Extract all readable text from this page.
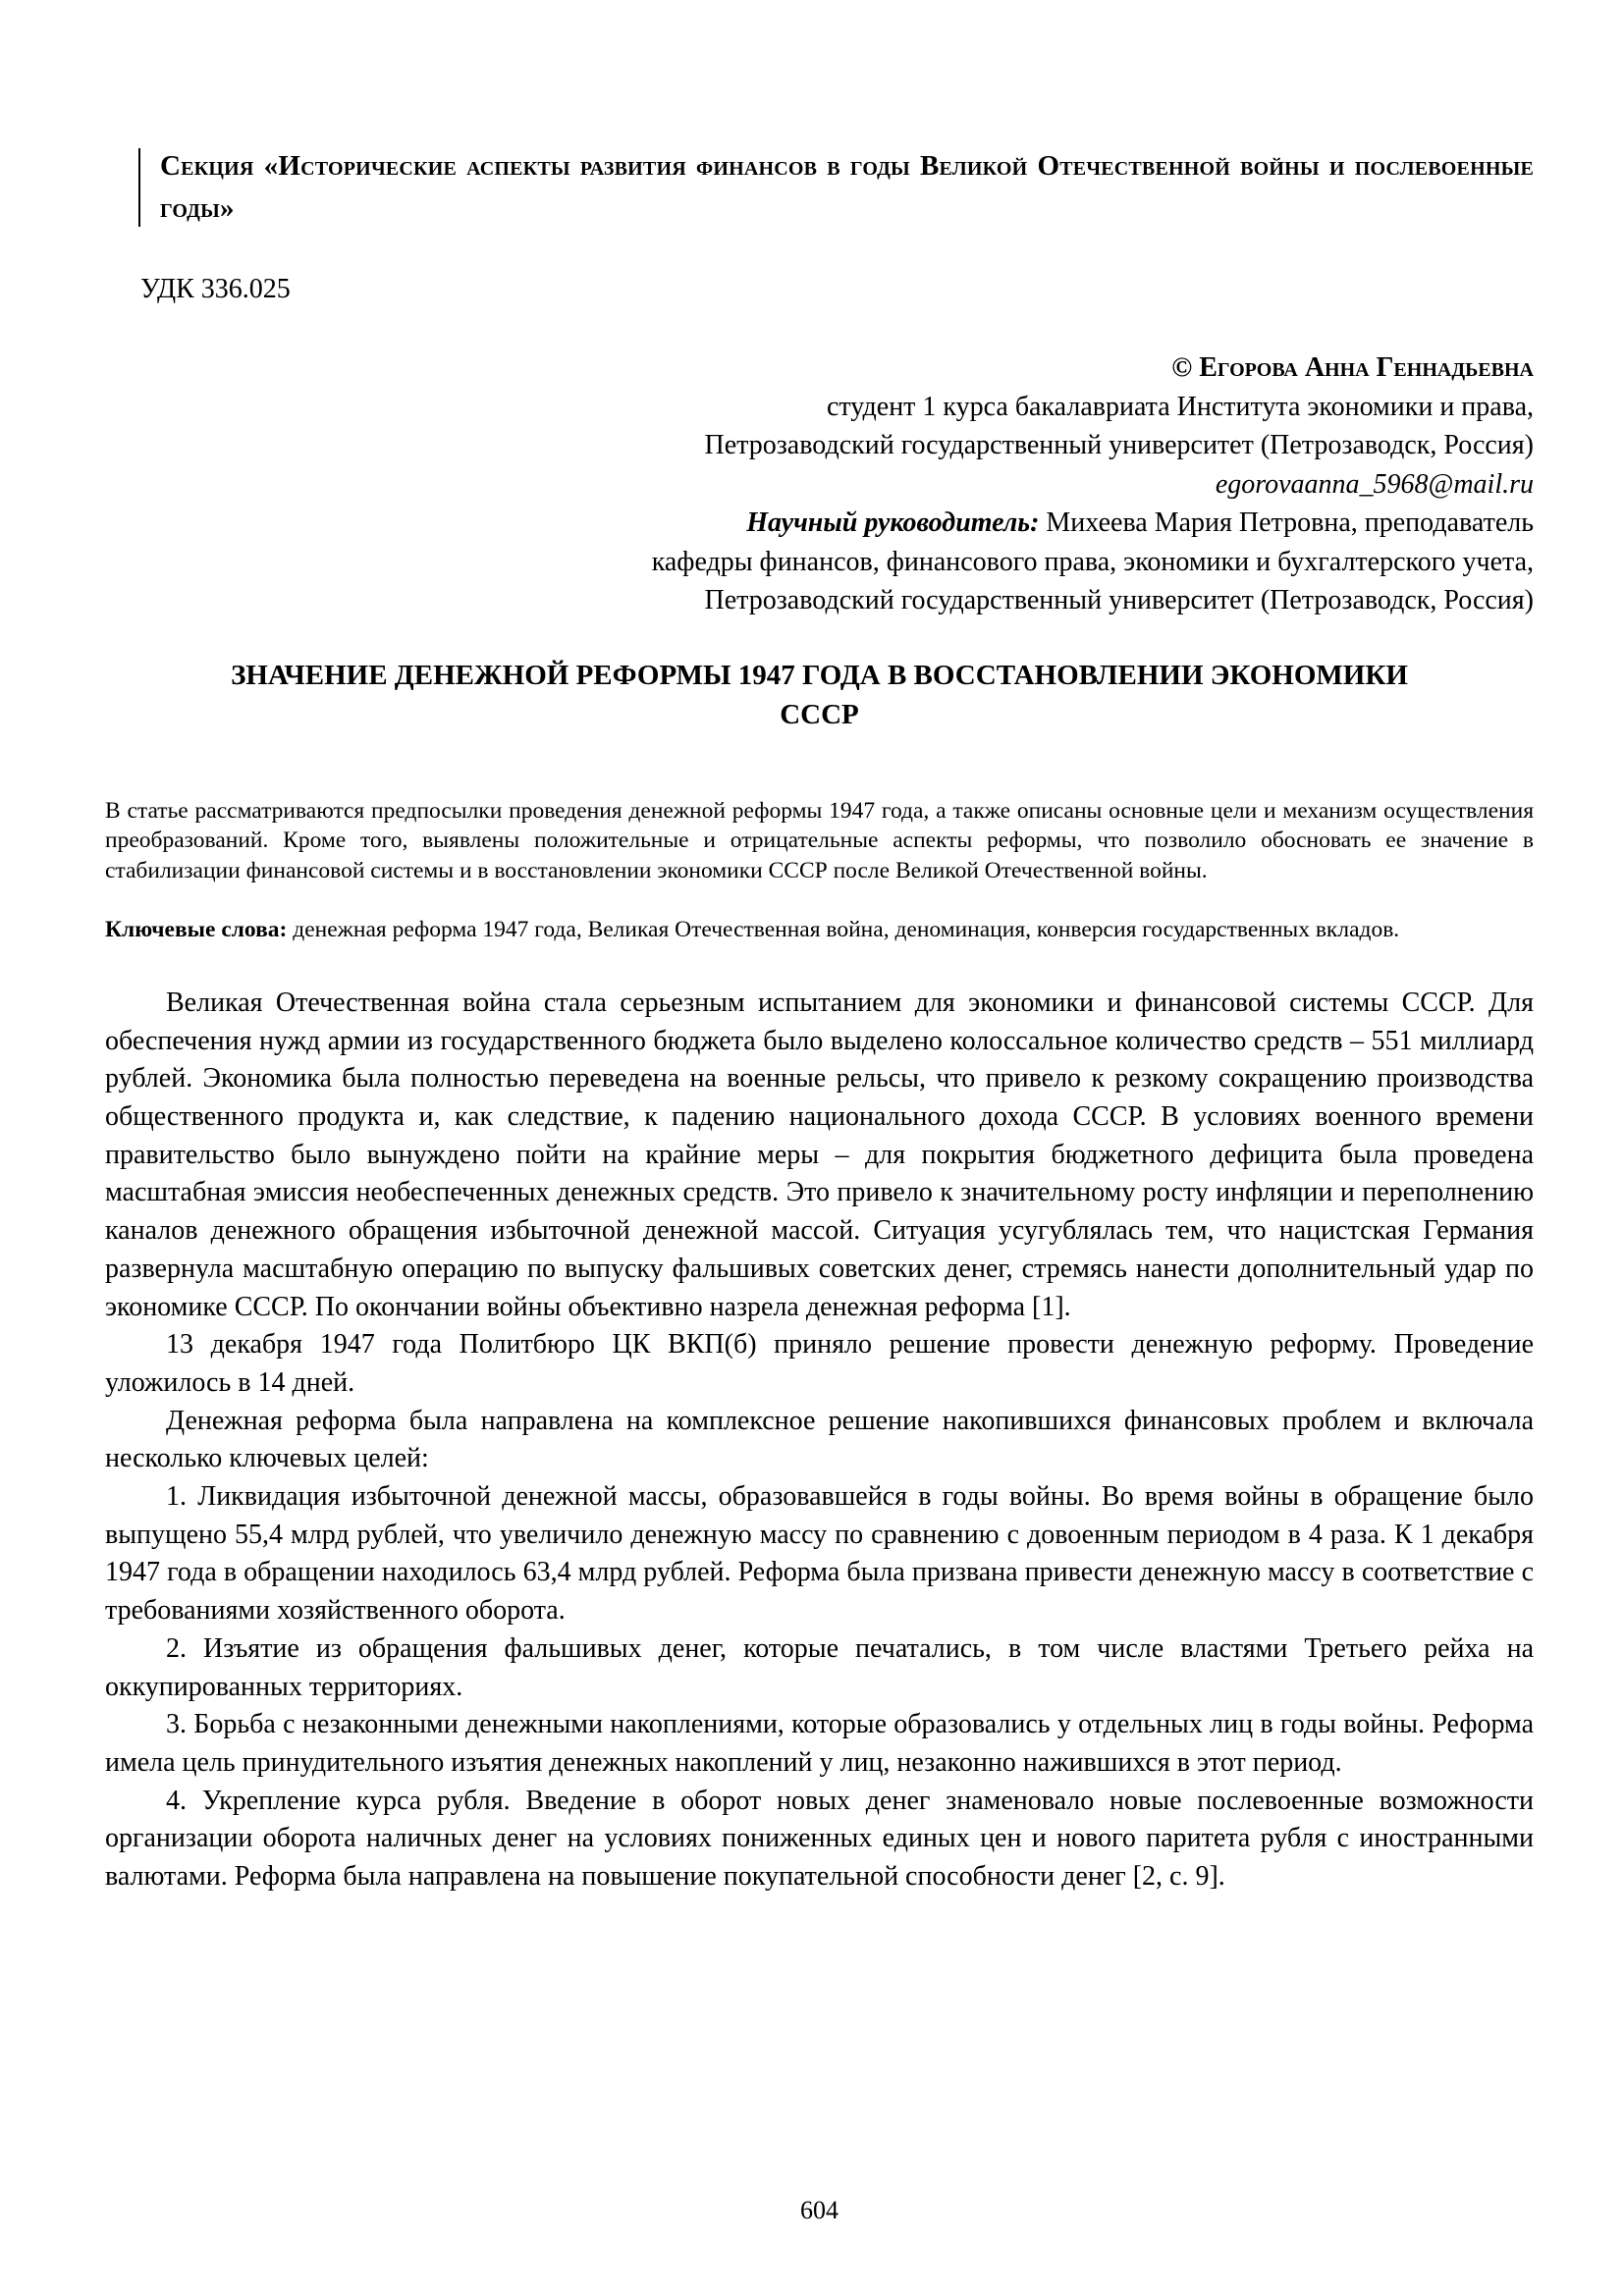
Секция «Исторические аспекты развития финансов в годы Великой Отечественной войны и послевоенные годы»
УДК 336.025
© Егорова Анна Геннадьевна
студент 1 курса бакалавриата Института экономики и права,
Петрозаводский государственный университет (Петрозаводск, Россия)
egorovaanna_5968@mail.ru
Научный руководитель: Михеева Мария Петровна, преподаватель
кафедры финансов, финансового права, экономики и бухгалтерского учета,
Петрозаводский государственный университет (Петрозаводск, Россия)
ЗНАЧЕНИЕ ДЕНЕЖНОЙ РЕФОРМЫ 1947 ГОДА В ВОССТАНОВЛЕНИИ ЭКОНОМИКИ СССР
В статье рассматриваются предпосылки проведения денежной реформы 1947 года, а также описаны основные цели и механизм осуществления преобразований. Кроме того, выявлены положительные и отрицательные аспекты реформы, что позволило обосновать ее значение в стабилизации финансовой системы и в восстановлении экономики СССР после Великой Отечественной войны.
Ключевые слова: денежная реформа 1947 года, Великая Отечественная война, деноминация, конверсия государственных вкладов.

Великая Отечественная война стала серьезным испытанием для экономики и финансовой системы СССР. Для обеспечения нужд армии из государственного бюджета было выделено колоссальное количество средств – 551 миллиард рублей. Экономика была полностью переведена на военные рельсы, что привело к резкому сокращению производства общественного продукта и, как следствие, к падению национального дохода СССР. В условиях военного времени правительство было вынуждено пойти на крайние меры – для покрытия бюджетного дефицита была проведена масштабная эмиссия необеспеченных денежных средств. Это привело к значительному росту инфляции и переполнению каналов денежного обращения избыточной денежной массой. Ситуация усугублялась тем, что нацистская Германия развернула масштабную операцию по выпуску фальшивых советских денег, стремясь нанести дополнительный удар по экономике СССР. По окончании войны объективно назрела денежная реформа [1].

13 декабря 1947 года Политбюро ЦК ВКП(б) приняло решение провести денежную реформу. Проведение уложилось в 14 дней.

Денежная реформа была направлена на комплексное решение накопившихся финансовых проблем и включала несколько ключевых целей:

1. Ликвидация избыточной денежной массы, образовавшейся в годы войны. Во время войны в обращение было выпущено 55,4 млрд рублей, что увеличило денежную массу по сравнению с довоенным периодом в 4 раза. К 1 декабря 1947 года в обращении находилось 63,4 млрд рублей. Реформа была призвана привести денежную массу в соответствие с требованиями хозяйственного оборота.

2. Изъятие из обращения фальшивых денег, которые печатались, в том числе властями Третьего рейха на оккупированных территориях.

3. Борьба с незаконными денежными накоплениями, которые образовались у отдельных лиц в годы войны. Реформа имела цель принудительного изъятия денежных накоплений у лиц, незаконно нажившихся в этот период.

4. Укрепление курса рубля. Введение в оборот новых денег знаменовало новые послевоенные возможности организации оборота наличных денег на условиях пониженных единых цен и нового паритета рубля с иностранными валютами. Реформа была направлена на повышение покупательной способности денег [2, с. 9].

604
